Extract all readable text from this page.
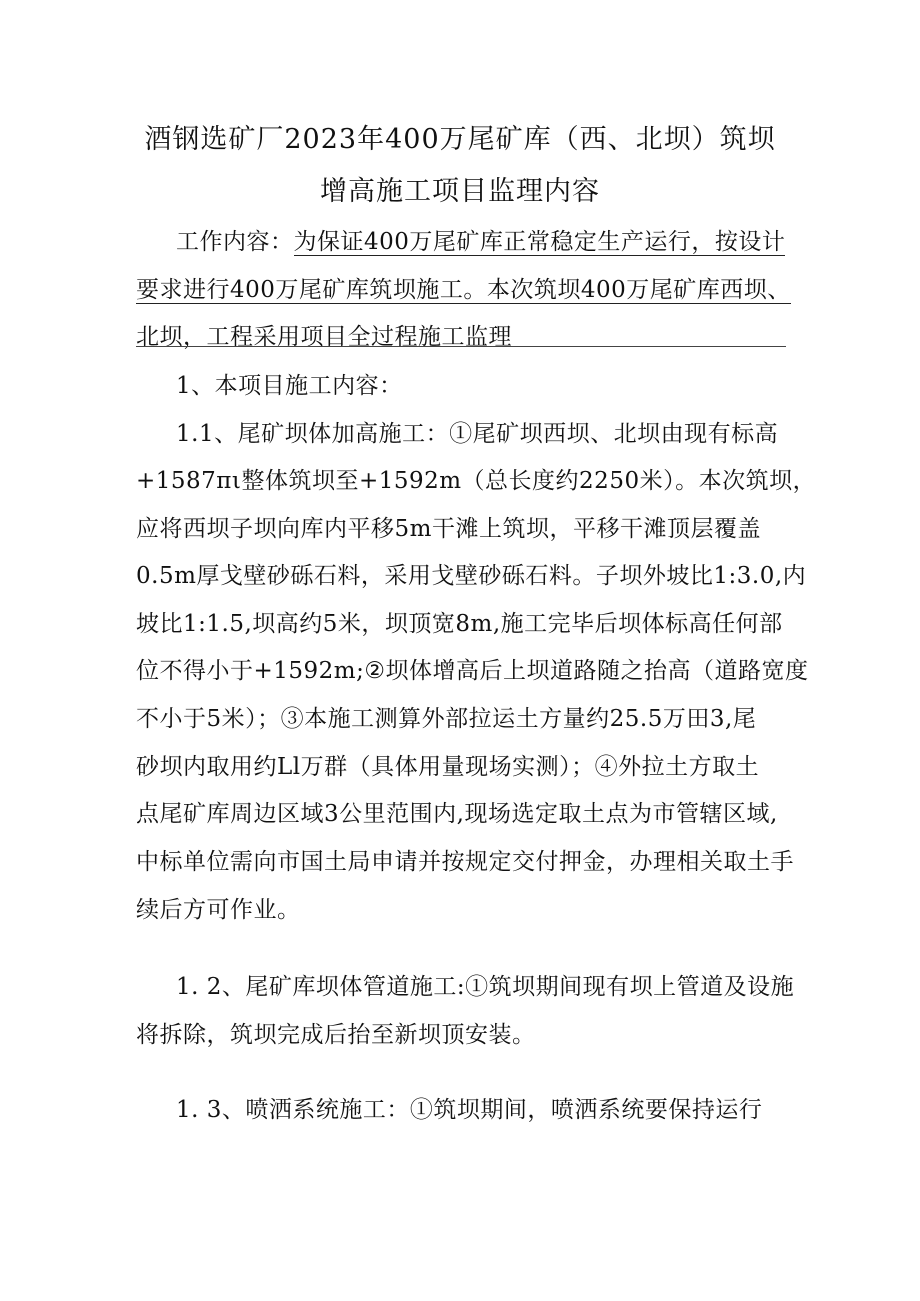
酒钢选矿厂2023年400万尾矿库（西、北坝）筑坝
增高施工项目监理内容
工作内容：为保证400万尾矿库正常稳定生产运行，按设计
要求进行400万尾矿库筑坝施工。本次筑坝400万尾矿库西坝、
北坝，工程采用项目全过程施工监理
1、本项目施工内容：
1.1、尾矿坝体加高施工：①尾矿坝西坝、北坝由现有标高
+1587πι整体筑坝至+1592m（总长度约2250米）。本次筑坝，
应将西坝子坝向库内平移5m干滩上筑坝，平移干滩顶层覆盖
0.5m厚戈壁砂砾石料，采用戈壁砂砾石料。子坝外坡比1:3.0,内
坡比1:1.5,坝高约5米，坝顶宽8m,施工完毕后坝体标高任何部
位不得小于+1592m;②坝体增高后上坝道路随之抬高（道路宽度
不小于5米）；③本施工测算外部拉运土方量约25.5万田3,尾
砂坝内取用约Ll万群（具体用量现场实测）；④外拉土方取土
点尾矿库周边区域3公里范围内,现场选定取土点为市管辖区域,
中标单位需向市国土局申请并按规定交付押金，办理相关取土手
续后方可作业。
1. 2、尾矿库坝体管道施工:①筑坝期间现有坝上管道及设施
将拆除，筑坝完成后抬至新坝顶安装。
1. 3、喷洒系统施工：①筑坝期间，喷洒系统要保持运行
